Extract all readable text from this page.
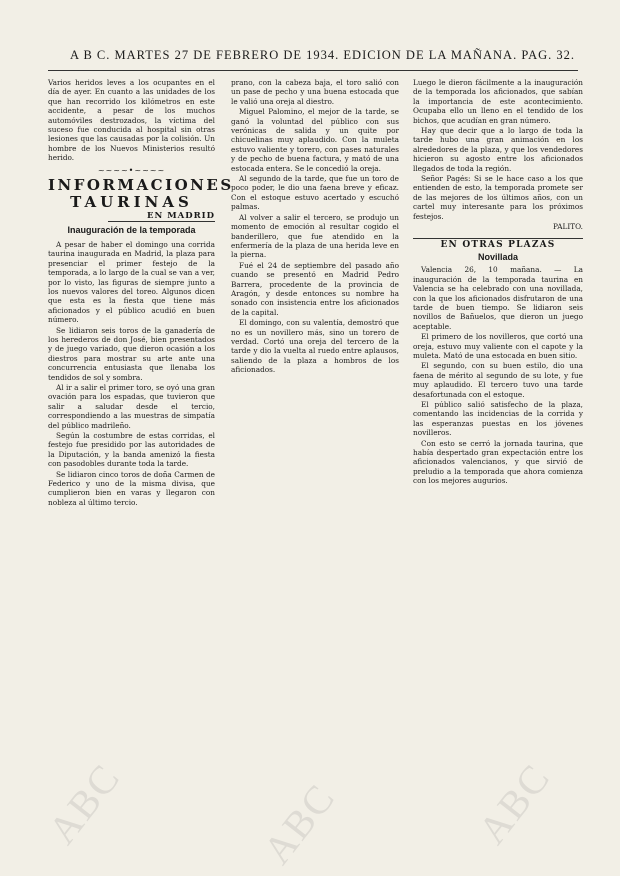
A B C. MARTES 27 DE FEBRERO DE 1934. EDICION DE LA MAÑANA. PAG. 32.

Varios heridos leves a los ocupantes en el día de ayer. En cuanto a las unidades de los que han recorrido los kilómetros en este accidente, a pesar de los muchos automóviles destrozados, la víctima del suceso fue conducida al hospital sin otras lesiones que las causadas por la colisión. Un hombre de los Nuevos Ministerios resultó herido.

~~~~•~~~~
INFORMACIONES
TAURINAS
EN MADRID
Inauguración de la temporada

A pesar de haber el domingo una corrida taurina inaugurada en Madrid, la plaza para presenciar el primer festejo de la temporada, a lo largo de la cual se van a ver, por lo visto, las figuras de siempre junto a los nuevos valores del toreo. Algunos dicen que esta es la fiesta que tiene más aficionados y el público acudió en buen número.

Se lidiaron seis toros de la ganadería de los herederos de don José, bien presentados y de juego variado, que dieron ocasión a los diestros para mostrar su arte ante una concurrencia entusiasta que llenaba los tendidos de sol y sombra.

Al ir a salir el primer toro, se oyó una gran ovación para los espadas, que tuvieron que salir a saludar desde el tercio, correspondiendo a las muestras de simpatía del público madrileño.

Según la costumbre de estas corridas, el festejo fue presidido por las autoridades de la Diputación, y la banda amenizó la fiesta con pasodobles durante toda la tarde.

Se lidiaron cinco toros de doña Carmen de Federico y uno de la misma divisa, que cumplieron bien en varas y llegaron con nobleza al último tercio.

prano, con la cabeza baja, el toro salió con un pase de pecho y una buena estocada que le valió una oreja al diestro.

Miguel Palomino, el mejor de la tarde, se ganó la voluntad del público con sus verónicas de salida y un quite por chicuelinas muy aplaudido. Con la muleta estuvo valiente y torero, con pases naturales y de pecho de buena factura, y mató de una estocada entera. Se le concedió la oreja.

Al segundo de la tarde, que fue un toro de poco poder, le dio una faena breve y eficaz. Con el estoque estuvo acertado y escuchó palmas.

Al volver a salir el tercero, se produjo un momento de emoción al resultar cogido el banderillero, que fue atendido en la enfermería de la plaza de una herida leve en la pierna.

Fué el 24 de septiembre del pasado año cuando se presentó en Madrid Pedro Barrera, procedente de la provincia de Aragón, y desde entonces su nombre ha sonado con insistencia entre los aficionados de la capital.

El domingo, con su valentía, demostró que no es un novillero más, sino un torero de verdad. Cortó una oreja del tercero de la tarde y dio la vuelta al ruedo entre aplausos, saliendo de la plaza a hombros de los aficionados.

Luego le dieron fácilmente a la inauguración de la temporada los aficionados, que sabían la importancia de este acontecimiento. Ocupaba ello un lleno en el tendido de los bichos, que acudían en gran número.

Hay que decir que a lo largo de toda la tarde hubo una gran animación en los alrededores de la plaza, y que los vendedores hicieron su agosto entre los aficionados llegados de toda la región.

Señor Pagés: Si se le hace caso a los que entienden de esto, la temporada promete ser de las mejores de los últimos años, con un cartel muy interesante para los próximos festejos.

PALITO.
EN OTRAS PLAZAS
Novillada

Valencia 26, 10 mañana. — La inauguración de la temporada taurina en Valencia se ha celebrado con una novillada, con la que los aficionados disfrutaron de una tarde de buen tiempo. Se lidiaron seis novillos de Bañuelos, que dieron un juego aceptable.

El primero de los novilleros, que cortó una oreja, estuvo muy valiente con el capote y la muleta. Mató de una estocada en buen sitio.

El segundo, con su buen estilo, dio una faena de mérito al segundo de su lote, y fue muy aplaudido. El tercero tuvo una tarde desafortunada con el estoque.

El público salió satisfecho de la plaza, comentando las incidencias de la corrida y las esperanzas puestas en los jóvenes novilleros.

Con esto se cerró la jornada taurina, que había despertado gran expectación entre los aficionados valencianos, y que sirvió de preludio a la temporada que ahora comienza con los mejores augurios.

ABC	ABC	ABC
